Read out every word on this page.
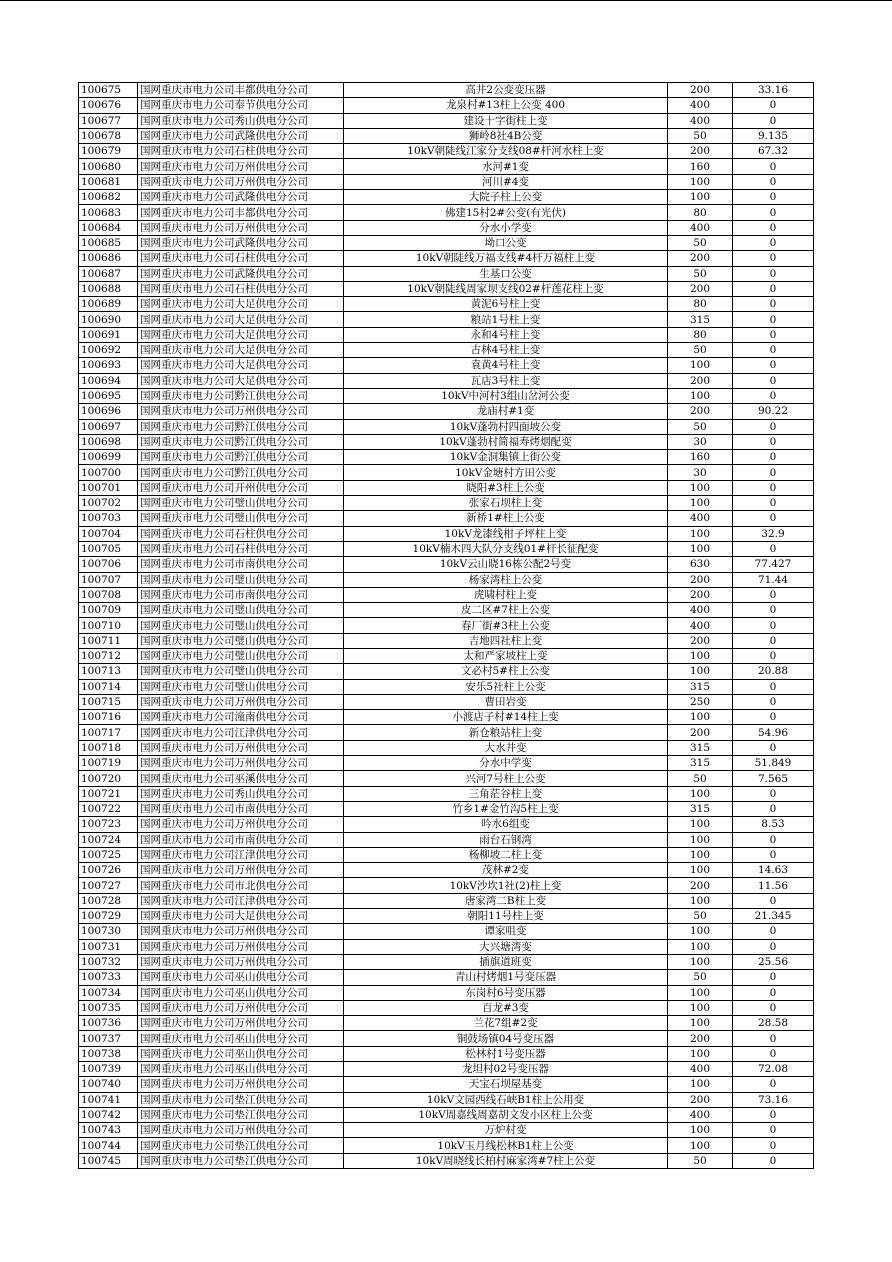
100675	国网重庆市电力公司丰都供电分公司	高井2公变变压器	200	33.16
100676	国网重庆市电力公司奉节供电分公司	龙泉村#13柱上公变 400	400	0
100677	国网重庆市电力公司秀山供电分公司	建设十字街柱上变	400	0
100678	国网重庆市电力公司武隆供电分公司	狮岭8社4B公变	50	9.135
100679	国网重庆市电力公司石柱供电分公司	10kV朝陡线江家分支线08#杆河水柱上变	200	67.32
100680	国网重庆市电力公司万州供电分公司	水河#1变	160	0
100681	国网重庆市电力公司万州供电分公司	河川#4变	100	0
100682	国网重庆市电力公司武隆供电分公司	大院子柱上公变	100	0
100683	国网重庆市电力公司丰都供电分公司	佛建15村2#公变(有光伏)	80	0
100684	国网重庆市电力公司万州供电分公司	分水小学变	400	0
100685	国网重庆市电力公司武隆供电分公司	坳口公变	50	0
100686	国网重庆市电力公司石柱供电分公司	10kV朝陡线万福支线#4杆万福柱上变	200	0
100687	国网重庆市电力公司武隆供电分公司	生基口公变	50	0
100688	国网重庆市电力公司石柱供电分公司	10kV朝陡线周家坝支线02#杆莲花柱上变	200	0
100689	国网重庆市电力公司大足供电分公司	黄泥6号柱上变	80	0
100690	国网重庆市电力公司大足供电分公司	粮站1号柱上变	315	0
100691	国网重庆市电力公司大足供电分公司	永和4号柱上变	80	0
100692	国网重庆市电力公司大足供电分公司	古林4号柱上变	50	0
100693	国网重庆市电力公司大足供电分公司	袁黄4号柱上变	100	0
100694	国网重庆市电力公司大足供电分公司	瓦店3号柱上变	200	0
100695	国网重庆市电力公司黔江供电分公司	10kV中河村3组山岔河公变	100	0
100696	国网重庆市电力公司万州供电分公司	龙庙村#1变	200	90.22
100697	国网重庆市电力公司黔江供电分公司	10kV蓬勃村四面坡公变	50	0
100698	国网重庆市电力公司黔江供电分公司	10kV蓬勃村简福寿烤烟配变	30	0
100699	国网重庆市电力公司黔江供电分公司	10kV金洞集镇上街公变	160	0
100700	国网重庆市电力公司黔江供电分公司	10kV金塘村方田公变	30	0
100701	国网重庆市电力公司开州供电分公司	晓阳#3柱上公变	100	0
100702	国网重庆市电力公司璧山供电分公司	张家石坝柱上变	100	0
100703	国网重庆市电力公司璧山供电分公司	新桥1#柱上公变	400	0
100704	国网重庆市电力公司石柱供电分公司	10kV龙漆线柑子坪柱上变	100	32.9
100705	国网重庆市电力公司石柱供电分公司	10kV楠木四大队分支线01#杆长征配变	100	0
100706	国网重庆市电力公司市南供电分公司	10kV云山晓16栋公配2号变	630	77.427
100707	国网重庆市电力公司璧山供电分公司	杨家湾柱上公变	200	71.44
100708	国网重庆市电力公司市南供电分公司	虎啸村柱上变	200	0
100709	国网重庆市电力公司璧山供电分公司	皮二区#7柱上公变	400	0
100710	国网重庆市电力公司璧山供电分公司	春厂街#3柱上公变	400	0
100711	国网重庆市电力公司璧山供电分公司	吉地四社柱上变	200	0
100712	国网重庆市电力公司璧山供电分公司	太和严家坡柱上变	100	0
100713	国网重庆市电力公司璧山供电分公司	文必村5#柱上公变	100	20.88
100714	国网重庆市电力公司璧山供电分公司	安乐5社柱上公变	315	0
100715	国网重庆市电力公司万州供电分公司	曹田岩变	250	0
100716	国网重庆市电力公司潼南供电分公司	小渡店子村#14柱上变	100	0
100717	国网重庆市电力公司江津供电分公司	新仓粮站柱上变	200	54.96
100718	国网重庆市电力公司万州供电分公司	大水井变	315	0
100719	国网重庆市电力公司万州供电分公司	分水中学变	315	51.849
100720	国网重庆市电力公司巫溪供电分公司	兴河7号柱上公变	50	7.565
100721	国网重庆市电力公司秀山供电分公司	三角茫谷柱上变	100	0
100722	国网重庆市电力公司市南供电分公司	竹乡1#金竹沟5柱上变	315	0
100723	国网重庆市电力公司万州供电分公司	吟水6组变	100	8.53
100724	国网重庆市电力公司市南供电分公司	雨台石钢湾	100	0
100725	国网重庆市电力公司江津供电分公司	杨柳坡二柱上变	100	0
100726	国网重庆市电力公司万州供电分公司	茂林#2变	100	14.63
100727	国网重庆市电力公司市北供电分公司	10kV沙坎1社(2)柱上变	200	11.56
100728	国网重庆市电力公司江津供电分公司	唐家湾二B柱上变	100	0
100729	国网重庆市电力公司大足供电分公司	朝阳11号柱上变	50	21.345
100730	国网重庆市电力公司万州供电分公司	谭家咀变	100	0
100731	国网重庆市电力公司万州供电分公司	大兴塘湾变	100	0
100732	国网重庆市电力公司万州供电分公司	插旗道班变	100	25.56
100733	国网重庆市电力公司巫山供电分公司	青山村烤烟1号变压器	50	0
100734	国网重庆市电力公司巫山供电分公司	东岗村6号变压器	100	0
100735	国网重庆市电力公司万州供电分公司	百龙#3变	100	0
100736	国网重庆市电力公司万州供电分公司	兰花7组#2变	100	28.58
100737	国网重庆市电力公司巫山供电分公司	铜鼓场镇04号变压器	200	0
100738	国网重庆市电力公司巫山供电分公司	松林村1号变压器	100	0
100739	国网重庆市电力公司巫山供电分公司	龙坦村02号变压器	400	72.08
100740	国网重庆市电力公司万州供电分公司	天宝石坝屋基变	100	0
100741	国网重庆市电力公司垫江供电分公司	10kV文园西线石峡B1柱上公用变	200	73.16
100742	国网重庆市电力公司垫江供电分公司	10kV周嘉线周嘉胡文发小区柱上公变	400	0
100743	国网重庆市电力公司万州供电分公司	万炉村变	100	0
100744	国网重庆市电力公司垫江供电分公司	10kV玉月线松林B1柱上公变	100	0
100745	国网重庆市电力公司垫江供电分公司	10kV周晓线长柏村麻家湾#7柱上公变	50	0
